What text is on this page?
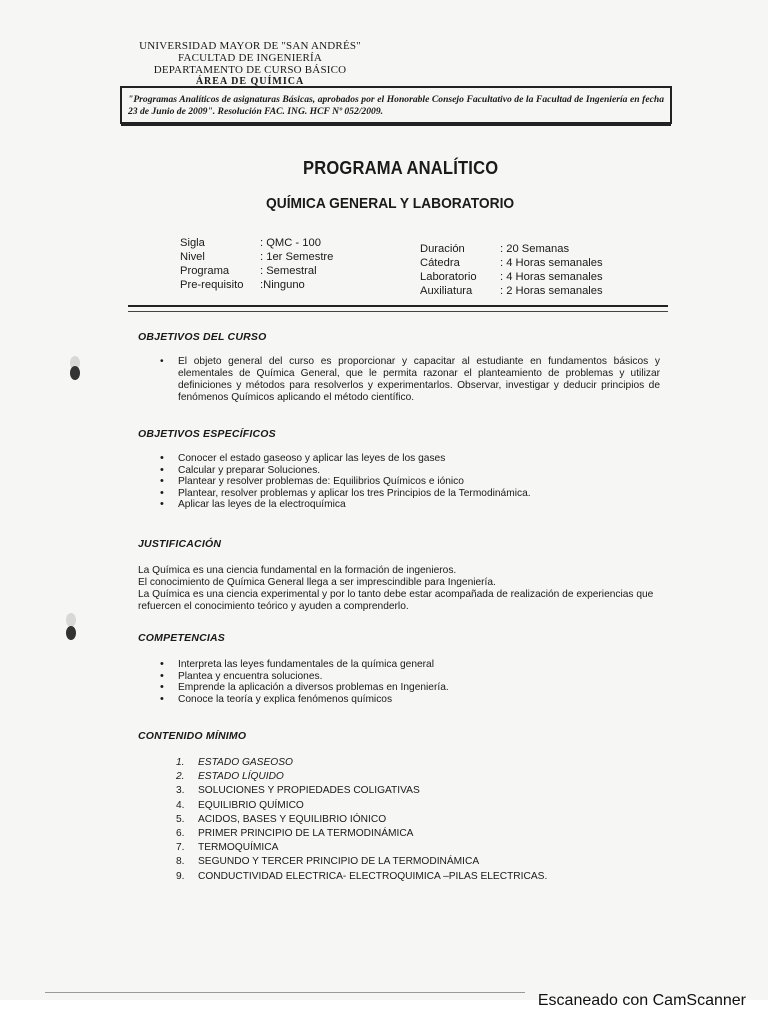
UNIVERSIDAD MAYOR DE "SAN ANDRÉS"
FACULTAD DE INGENIERÍA
DEPARTAMENTO DE CURSO BÁSICO
ÁREA DE QUÍMICA
"Programas Analíticos de asignaturas Básicas, aprobados por el Honorable Consejo Facultativo de la Facultad de Ingeniería en fecha 23 de Junio de 2009". Resolución FAC. ING. HCF Nº 052/2009.
PROGRAMA ANALÍTICO
QUÍMICA GENERAL Y LABORATORIO
Sigla	: QMC - 100
Nivel	: 1er Semestre
Programa	: Semestral
Pre-requisito	:Ninguno
Duración	: 20 Semanas
Cátedra	: 4 Horas semanales
Laboratorio	: 4 Horas semanales
Auxiliatura	: 2 Horas semanales
OBJETIVOS DEL CURSO
• El objeto general del curso es proporcionar y capacitar al estudiante en fundamentos básicos y elementales de Química General, que le permita razonar el planteamiento de problemas y utilizar definiciones y métodos para resolverlos y experimentarlos. Observar, investigar y deducir principios de fenómenos Químicos aplicando el método científico.
OBJETIVOS ESPECÍFICOS
• Conocer el estado gaseoso y aplicar las leyes de los gases
• Calcular y preparar Soluciones.
• Plantear y resolver problemas de: Equilibrios Químicos e iónico
• Plantear, resolver problemas y aplicar los tres Principios de la Termodinámica.
• Aplicar las leyes de la electroquímica
JUSTIFICACIÓN
La Química es una ciencia fundamental en la formación de ingenieros.
El conocimiento de Química General llega a ser imprescindible para Ingeniería.
La Química es una ciencia experimental y por lo tanto debe estar acompañada de realización de experiencias que refuercen el conocimiento teórico y ayuden a comprenderlo.
COMPETENCIAS
• Interpreta las leyes fundamentales de la química general
• Plantea y encuentra soluciones.
• Emprende la aplicación a diversos problemas en Ingeniería.
• Conoce la teoría y explica fenómenos químicos
CONTENIDO MÍNIMO
1. ESTADO GASEOSO
2. ESTADO LÍQUIDO
3. SOLUCIONES Y PROPIEDADES COLIGATIVAS
4. EQUILIBRIO QUÍMICO
5. ACIDOS, BASES Y EQUILIBRIO IÓNICO
6. PRIMER PRINCIPIO DE LA TERMODINÁMICA
7. TERMOQUÍMICA
8. SEGUNDO Y TERCER PRINCIPIO DE LA TERMODINÁMICA
9. CONDUCTIVIDAD ELECTRICA- ELECTROQUIMICA –PILAS ELECTRICAS.
Escaneado con CamScanner
